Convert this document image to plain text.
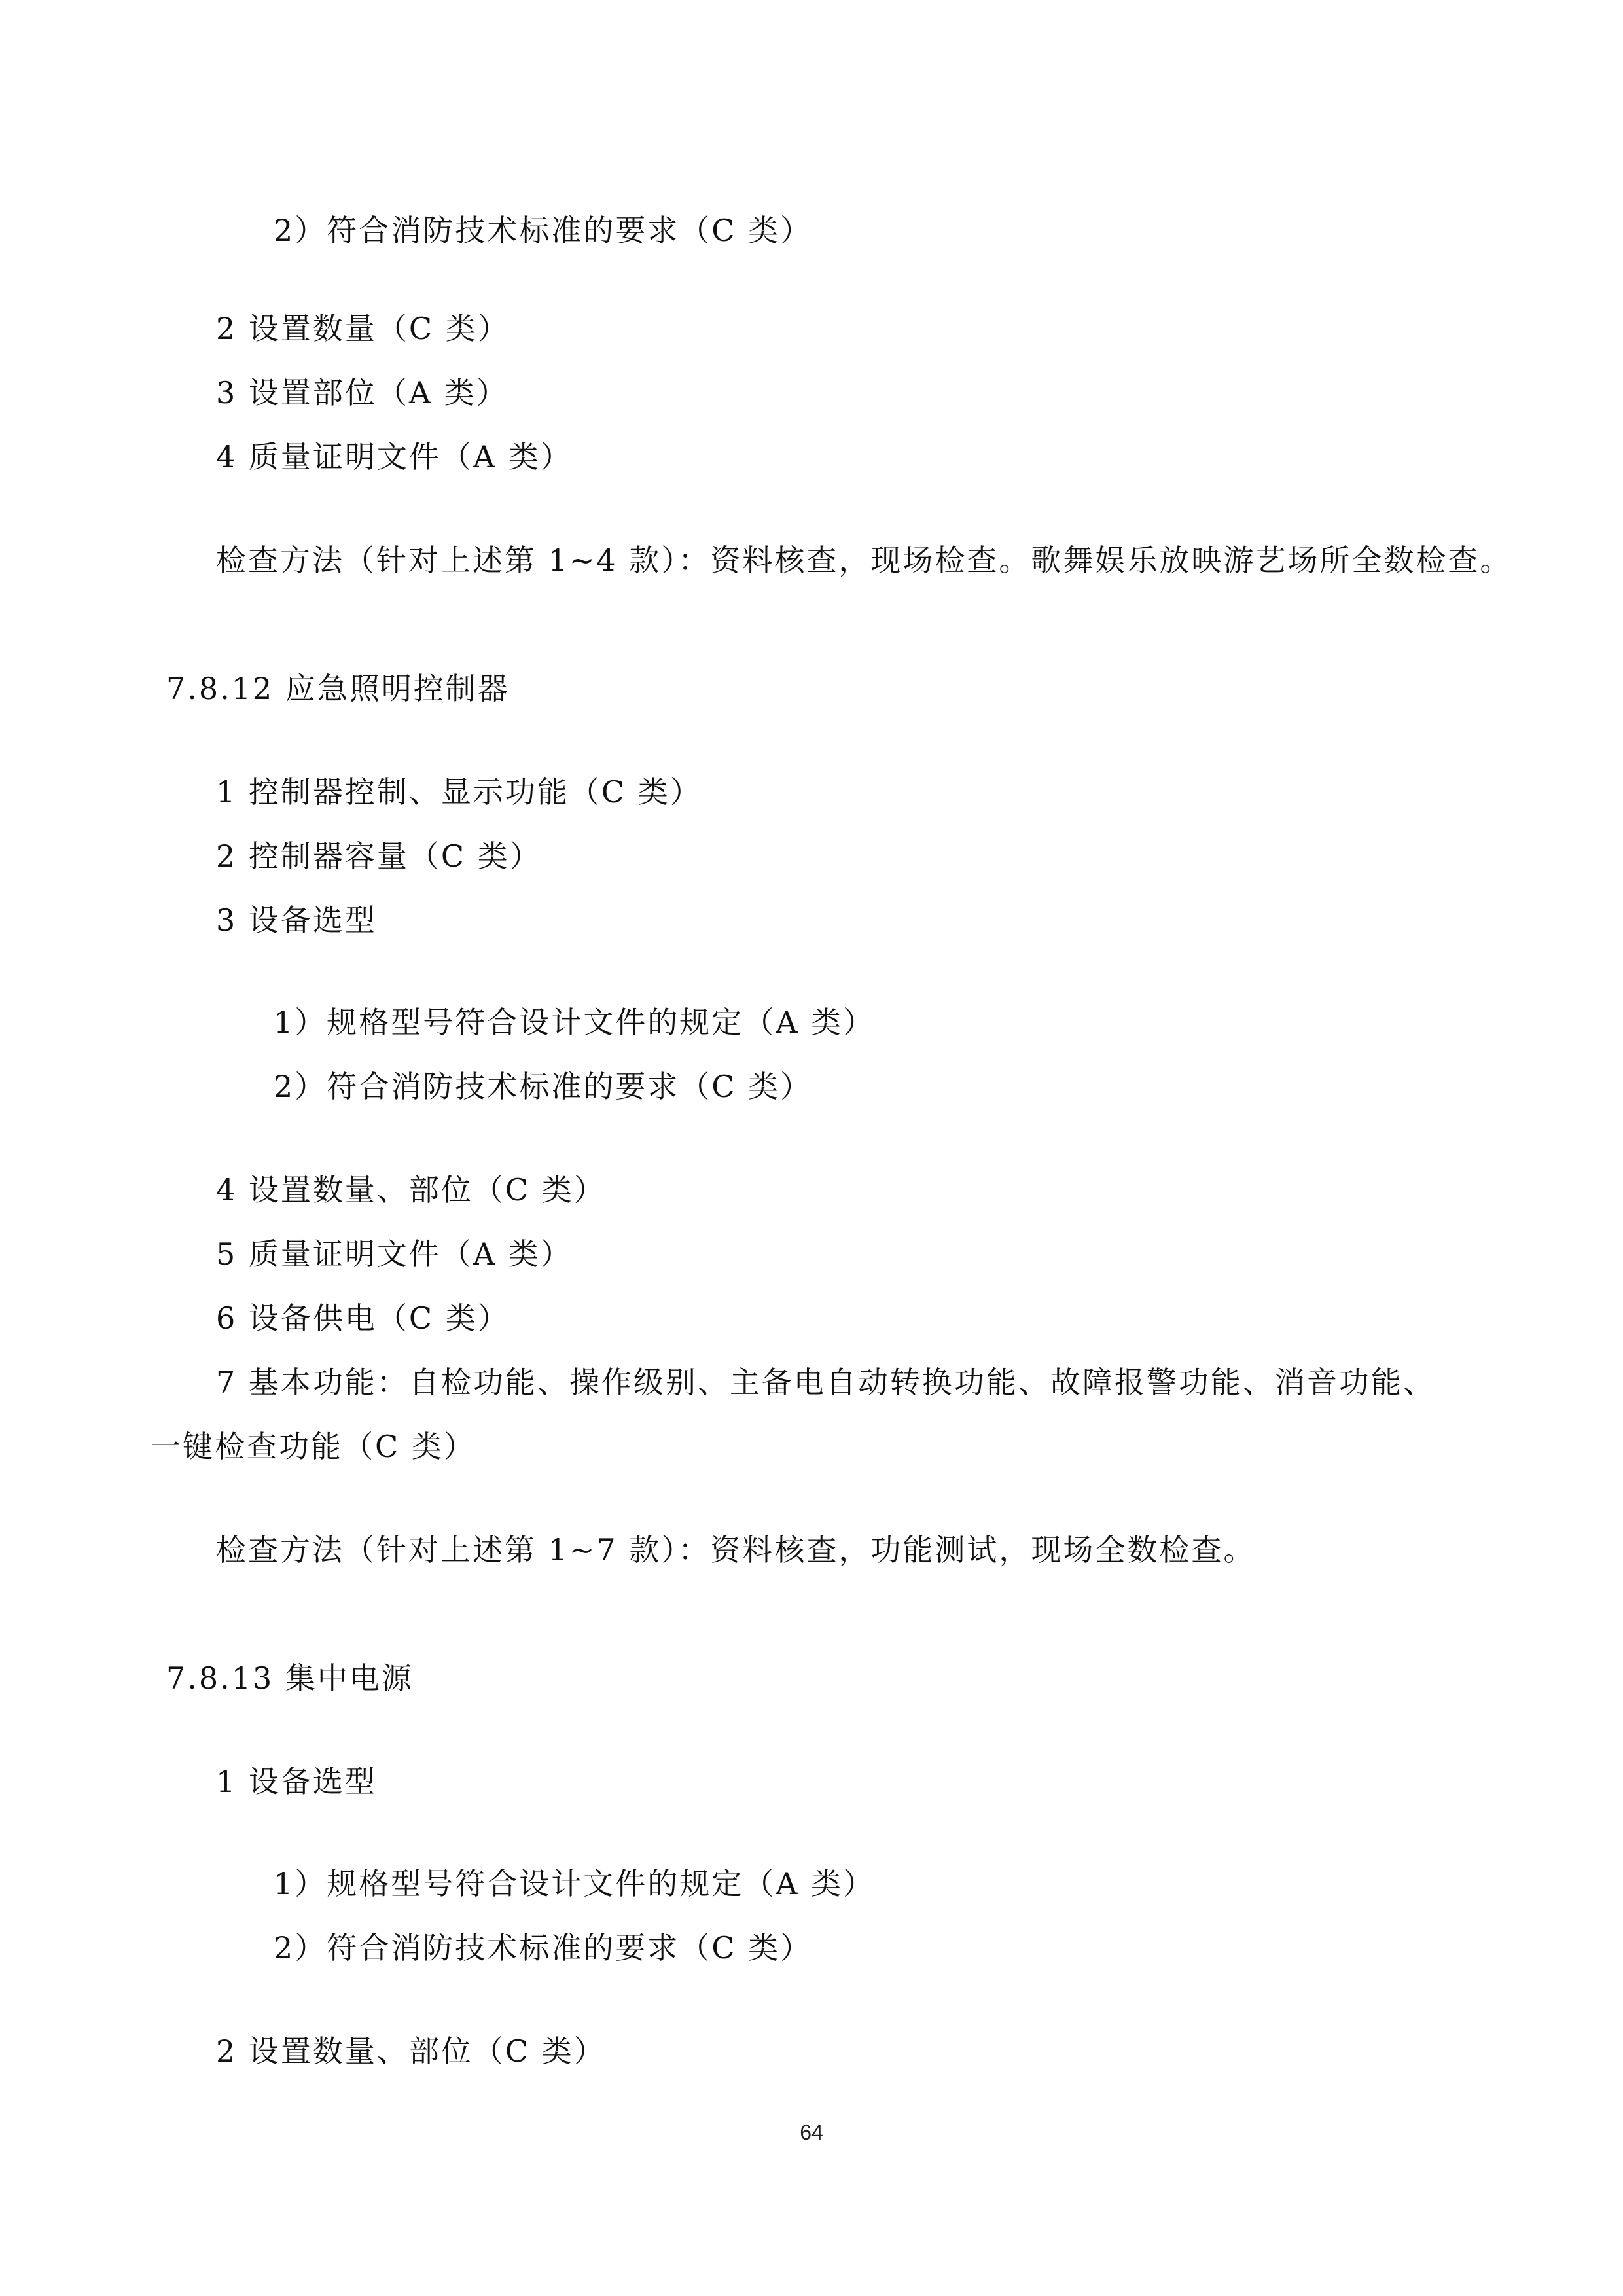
2）符合消防技术标准的要求（C 类）
2 设置数量（C 类）
3 设置部位（A 类）
4 质量证明文件（A 类）
检查方法（针对上述第 1~4 款）：资料核查，现场检查。歌舞娱乐放映游艺场所全数检查。
7.8.12 应急照明控制器
1 控制器控制、显示功能（C 类）
2 控制器容量（C 类）
3 设备选型
1）规格型号符合设计文件的规定（A 类）
2）符合消防技术标准的要求（C 类）
4 设置数量、部位（C 类）
5 质量证明文件（A 类）
6 设备供电（C 类）
7 基本功能：自检功能、操作级别、主备电自动转换功能、故障报警功能、消音功能、
一键检查功能（C 类）
检查方法（针对上述第 1~7 款）：资料核查，功能测试，现场全数检查。
7.8.13 集中电源
1 设备选型
1）规格型号符合设计文件的规定（A 类）
2）符合消防技术标准的要求（C 类）
2 设置数量、部位（C 类）
64
